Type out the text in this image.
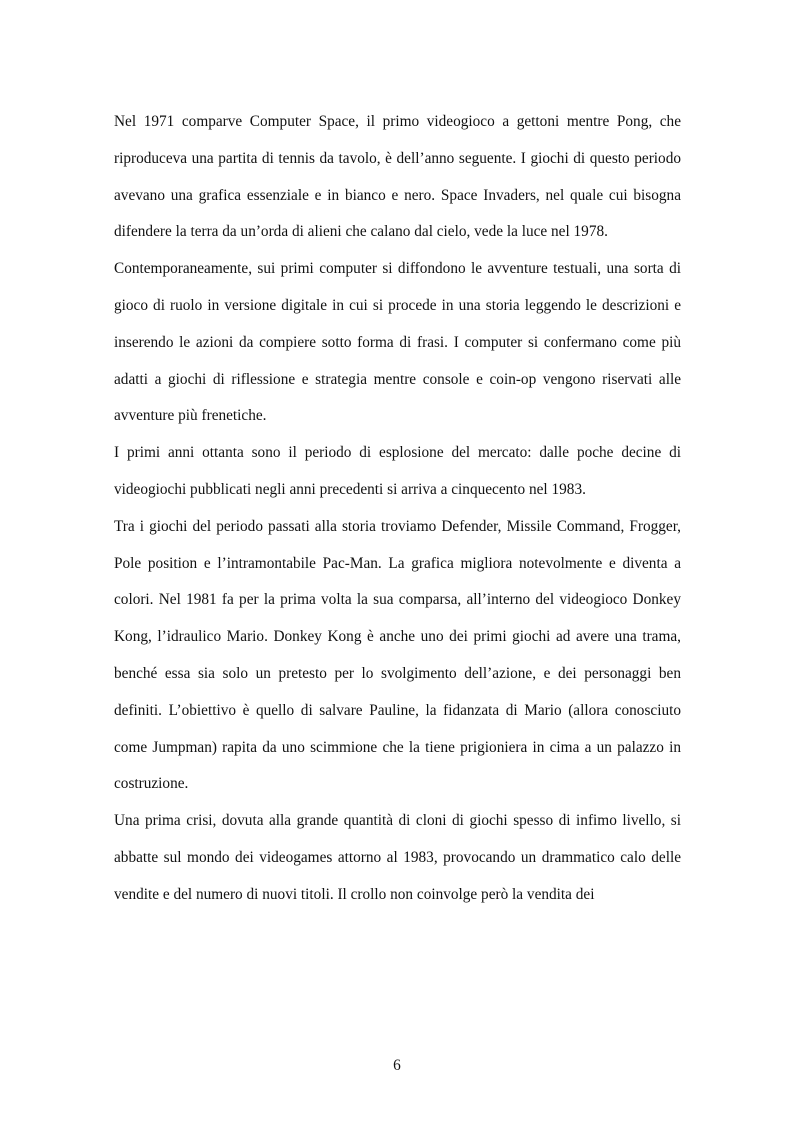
Nel 1971 comparve Computer Space, il primo videogioco a gettoni mentre Pong, che riproduceva una partita di tennis da tavolo, è dell’anno seguente. I giochi di questo periodo avevano una grafica essenziale e in bianco e nero. Space Invaders, nel quale cui bisogna difendere la terra da un’orda di alieni che calano dal cielo, vede la luce nel 1978.

Contemporaneamente, sui primi computer si diffondono le avventure testuali, una sorta di gioco di ruolo in versione digitale in cui si procede in una storia leggendo le descrizioni e inserendo le azioni da compiere sotto forma di frasi. I computer si confermano come più adatti a giochi di riflessione e strategia mentre console e coin-op vengono riservati alle avventure più frenetiche.

I primi anni ottanta sono il periodo di esplosione del mercato: dalle poche decine di videogiochi pubblicati negli anni precedenti si arriva a cinquecento nel 1983.

Tra i giochi del periodo passati alla storia troviamo Defender, Missile Command, Frogger, Pole position e l’intramontabile Pac-Man. La grafica migliora notevolmente e diventa a colori. Nel 1981 fa per la prima volta la sua comparsa, all’interno del videogioco Donkey Kong, l’idraulico Mario. Donkey Kong è anche uno dei primi giochi ad avere una trama, benché essa sia solo un pretesto per lo svolgimento dell’azione, e dei personaggi ben definiti. L’obiettivo è quello di salvare Pauline, la fidanzata di Mario (allora conosciuto come Jumpman) rapita da uno scimmione che la tiene prigioniera in cima a un palazzo in costruzione.

Una prima crisi, dovuta alla grande quantità di cloni di giochi spesso di infimo livello, si abbatte sul mondo dei videogames attorno al 1983, provocando un drammatico calo delle vendite e del numero di nuovi titoli. Il crollo non coinvolge però la vendita dei

6
